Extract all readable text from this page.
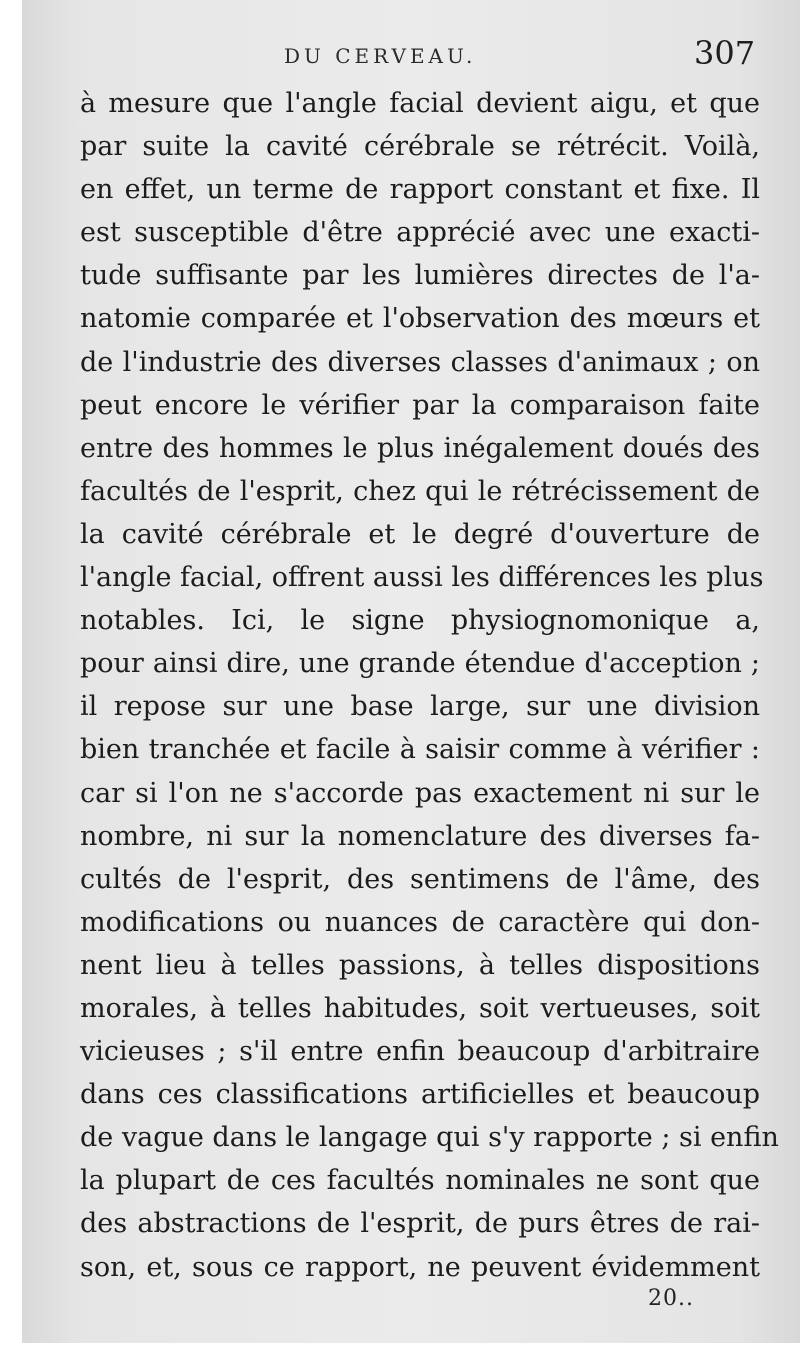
DU CERVEAU.	307
à mesure que l'angle facial devient aigu, et que
par suite la cavité cérébrale se rétrécit. Voilà,
en effet, un terme de rapport constant et fixe. Il
est susceptible d'être apprécié avec une exacti-
tude suffisante par les lumières directes de l'a-
natomie comparée et l'observation des mœurs et
de l'industrie des diverses classes d'animaux ; on
peut encore le vérifier par la comparaison faite
entre des hommes le plus inégalement doués des
facultés de l'esprit, chez qui le rétrécissement de
la cavité cérébrale et le degré d'ouverture de
l'angle facial, offrent aussi les différences les plus
notables. Ici, le signe physiognomonique a,
pour ainsi dire, une grande étendue d'acception ;
il repose sur une base large, sur une division
bien tranchée et facile à saisir comme à vérifier :
car si l'on ne s'accorde pas exactement ni sur le
nombre, ni sur la nomenclature des diverses fa-
cultés de l'esprit, des sentimens de l'âme, des
modifications ou nuances de caractère qui don-
nent lieu à telles passions, à telles dispositions
morales, à telles habitudes, soit vertueuses, soit
vicieuses ; s'il entre enfin beaucoup d'arbitraire
dans ces classifications artificielles et beaucoup
de vague dans le langage qui s'y rapporte ; si enfin
la plupart de ces facultés nominales ne sont que
des abstractions de l'esprit, de purs êtres de rai-
son, et, sous ce rapport, ne peuvent évidemment
20..
